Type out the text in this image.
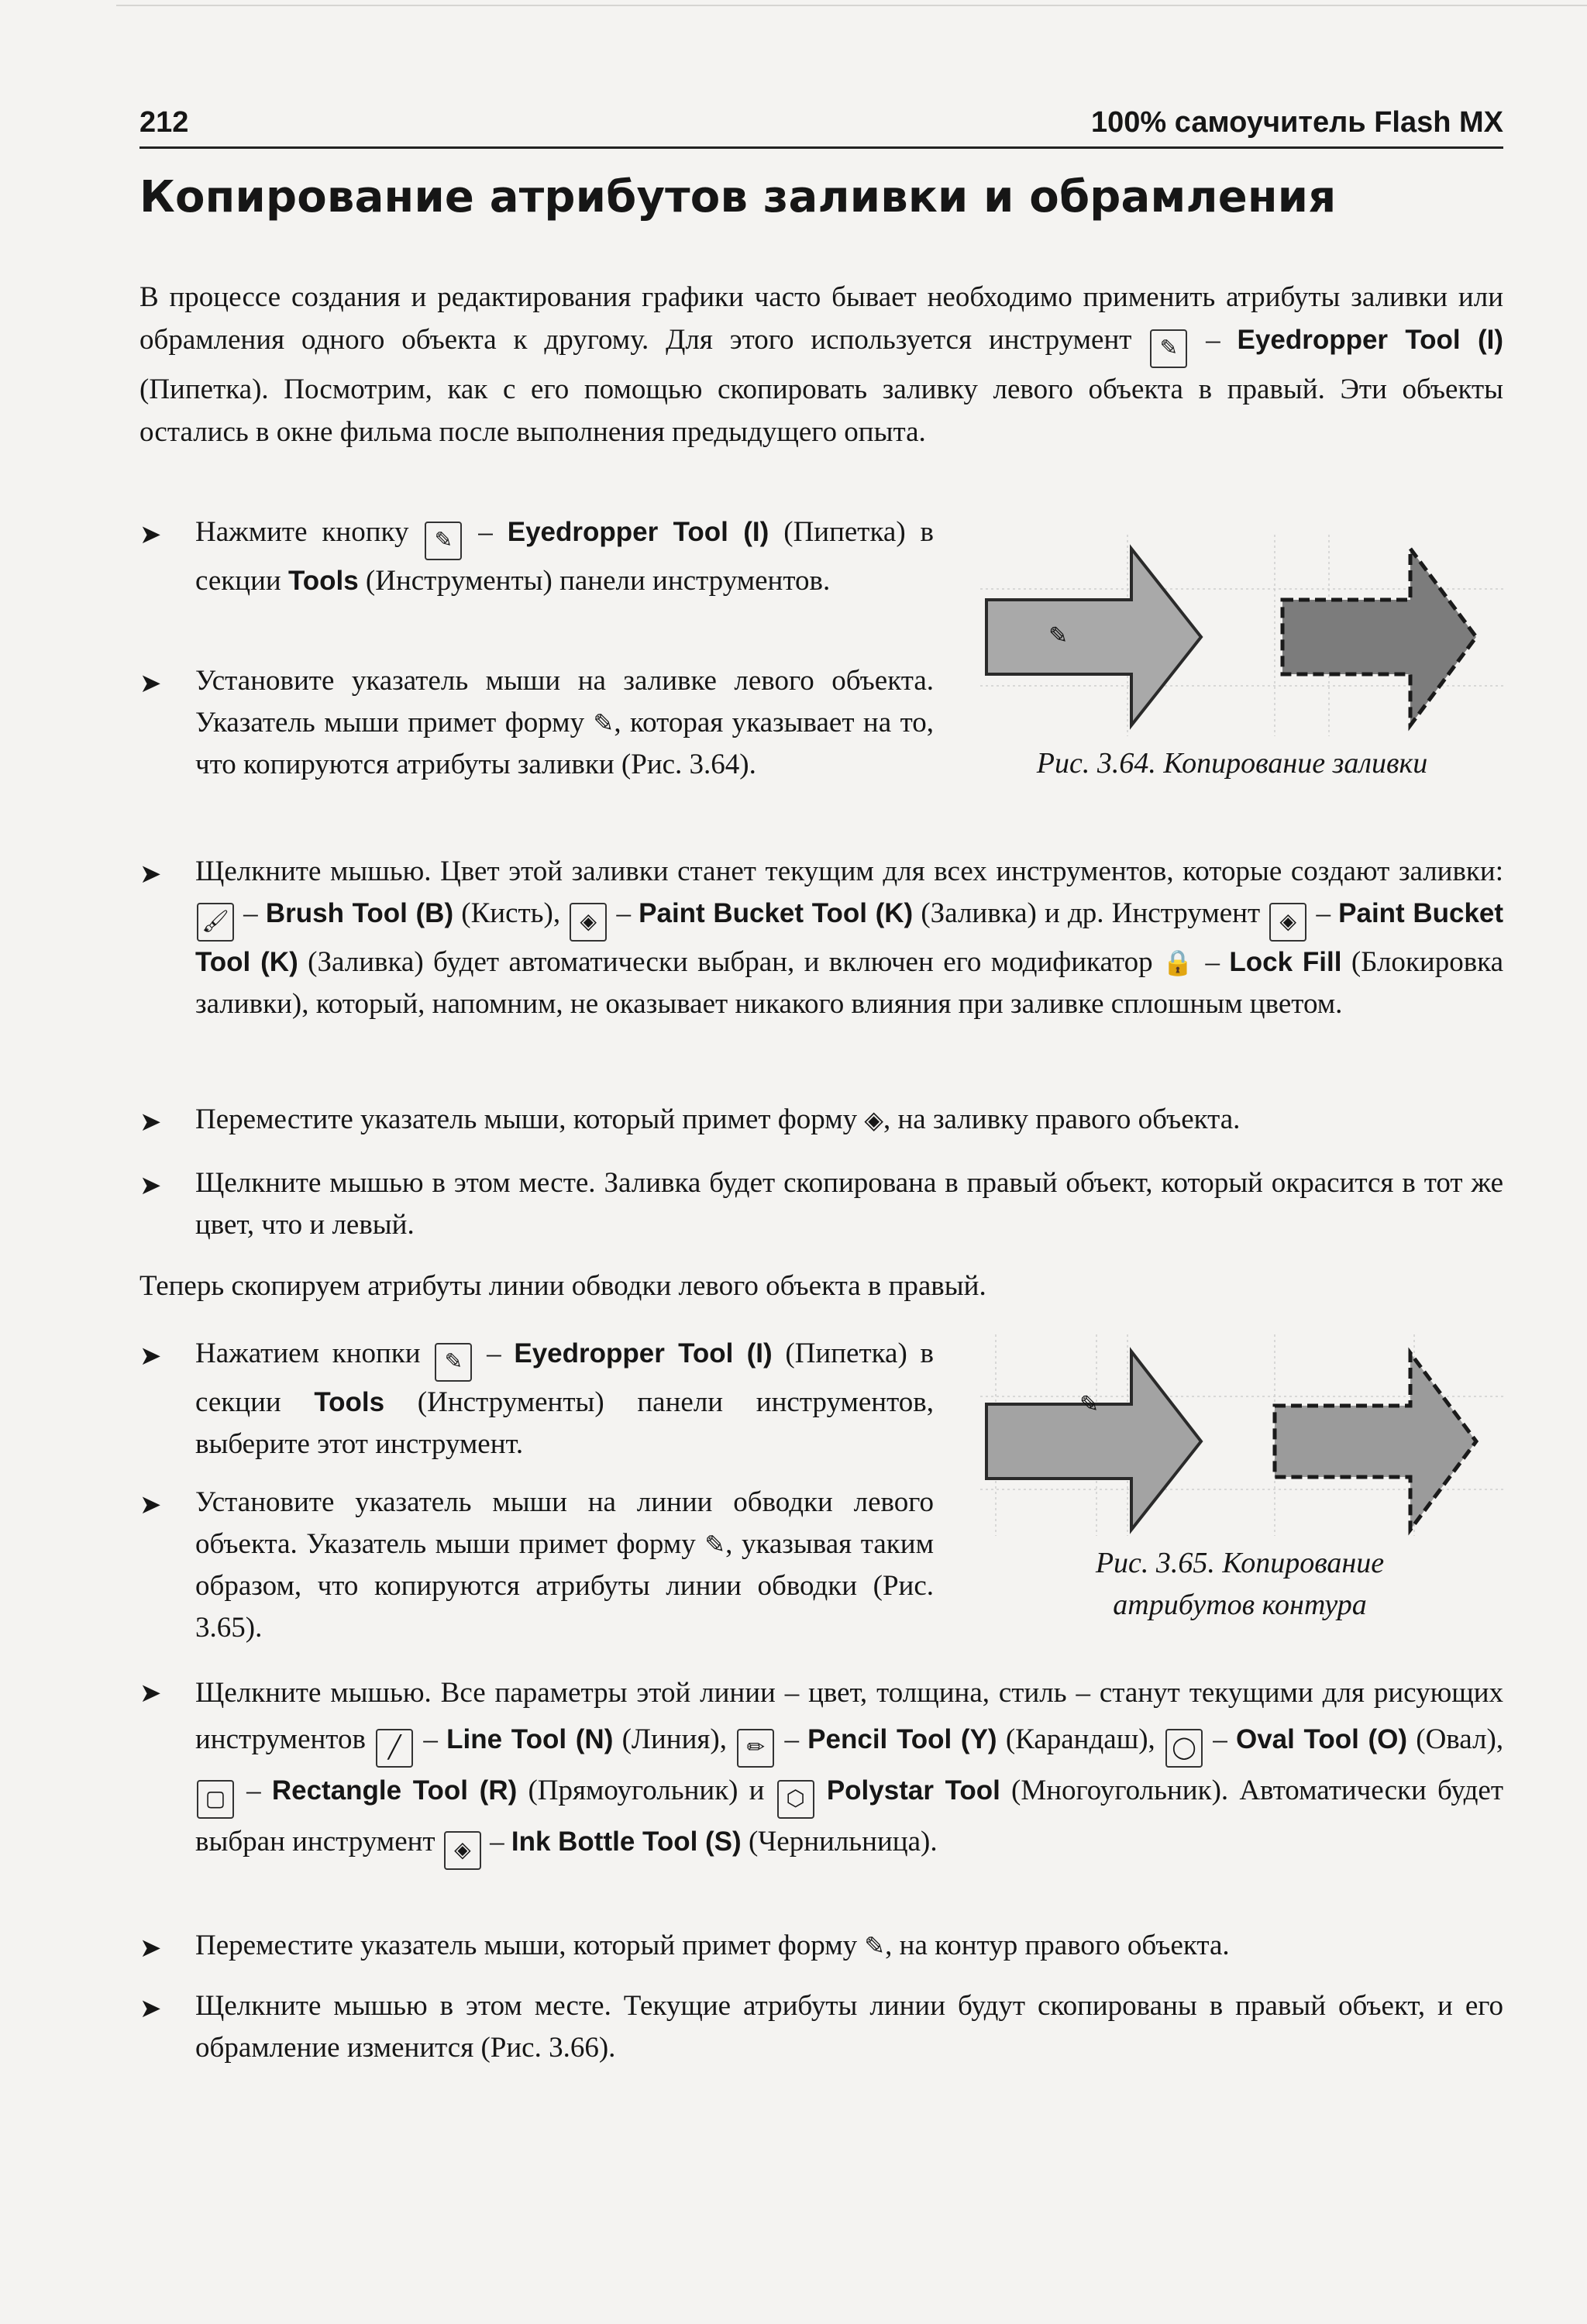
212	100% самоучитель Flash MX
Копирование атрибутов заливки и обрамления
В процессе создания и редактирования графики часто бывает необходимо применить атрибуты заливки или обрамления одного объекта к другому. Для этого используется инструмент ✎ – Eyedropper Tool (I) (Пипетка). Посмотрим, как с его помощью скопировать заливку левого объекта в правый. Эти объекты остались в окне фильма после выполнения предыдущего опыта.
➤ Нажмите кнопку ✎ – Eyedropper Tool (I) (Пипетка) в секции Tools (Инструменты) панели инструментов.
➤ Установите указатель мыши на заливке левого объекта. Указатель мыши примет форму ✎, которая указывает на то, что копируются атрибуты заливки (Рис. 3.64).
✎
Рис. 3.64. Копирование заливки
➤ Щелкните мышью. Цвет этой заливки станет текущим для всех инструментов, которые создают заливки: 🖌 – Brush Tool (B) (Кисть), ◈ – Paint Bucket Tool (K) (Заливка) и др. Инструмент ◈ – Paint Bucket Tool (K) (Заливка) будет автоматически выбран, и включен его модификатор 🔒 – Lock Fill (Блокировка заливки), который, напомним, не оказывает никакого влияния при заливке сплошным цветом.
➤ Переместите указатель мыши, который примет форму ◈, на заливку правого объекта.
➤ Щелкните мышью в этом месте. Заливка будет скопирована в правый объект, который окрасится в тот же цвет, что и левый.
Теперь скопируем атрибуты линии обводки левого объекта в правый.
➤ Нажатием кнопки ✎ – Eyedropper Tool (I) (Пипетка) в секции Tools (Инструменты) панели инструментов, выберите этот инструмент.
➤ Установите указатель мыши на линии обводки левого объекта. Указатель мыши примет форму ✎, указывая таким образом, что копируются атрибуты линии обводки (Рис. 3.65).
✎
Рис. 3.65. Копирование
атрибутов контура
➤ Щелкните мышью. Все параметры этой линии – цвет, толщина, стиль – станут текущими для рисующих инструментов ╱ – Line Tool (N) (Линия), ✏ – Pencil Tool (Y) (Карандаш), ◯ – Oval Tool (O) (Овал), ▢ – Rectangle Tool (R) (Прямоугольник) и ⬡ Polystar Tool (Многоугольник). Автоматически будет выбран инструмент ◈ – Ink Bottle Tool (S) (Чернильница).
➤ Переместите указатель мыши, который примет форму ✎, на контур правого объекта.
➤ Щелкните мышью в этом месте. Текущие атрибуты линии будут скопированы в правый объект, и его обрамление изменится (Рис. 3.66).
